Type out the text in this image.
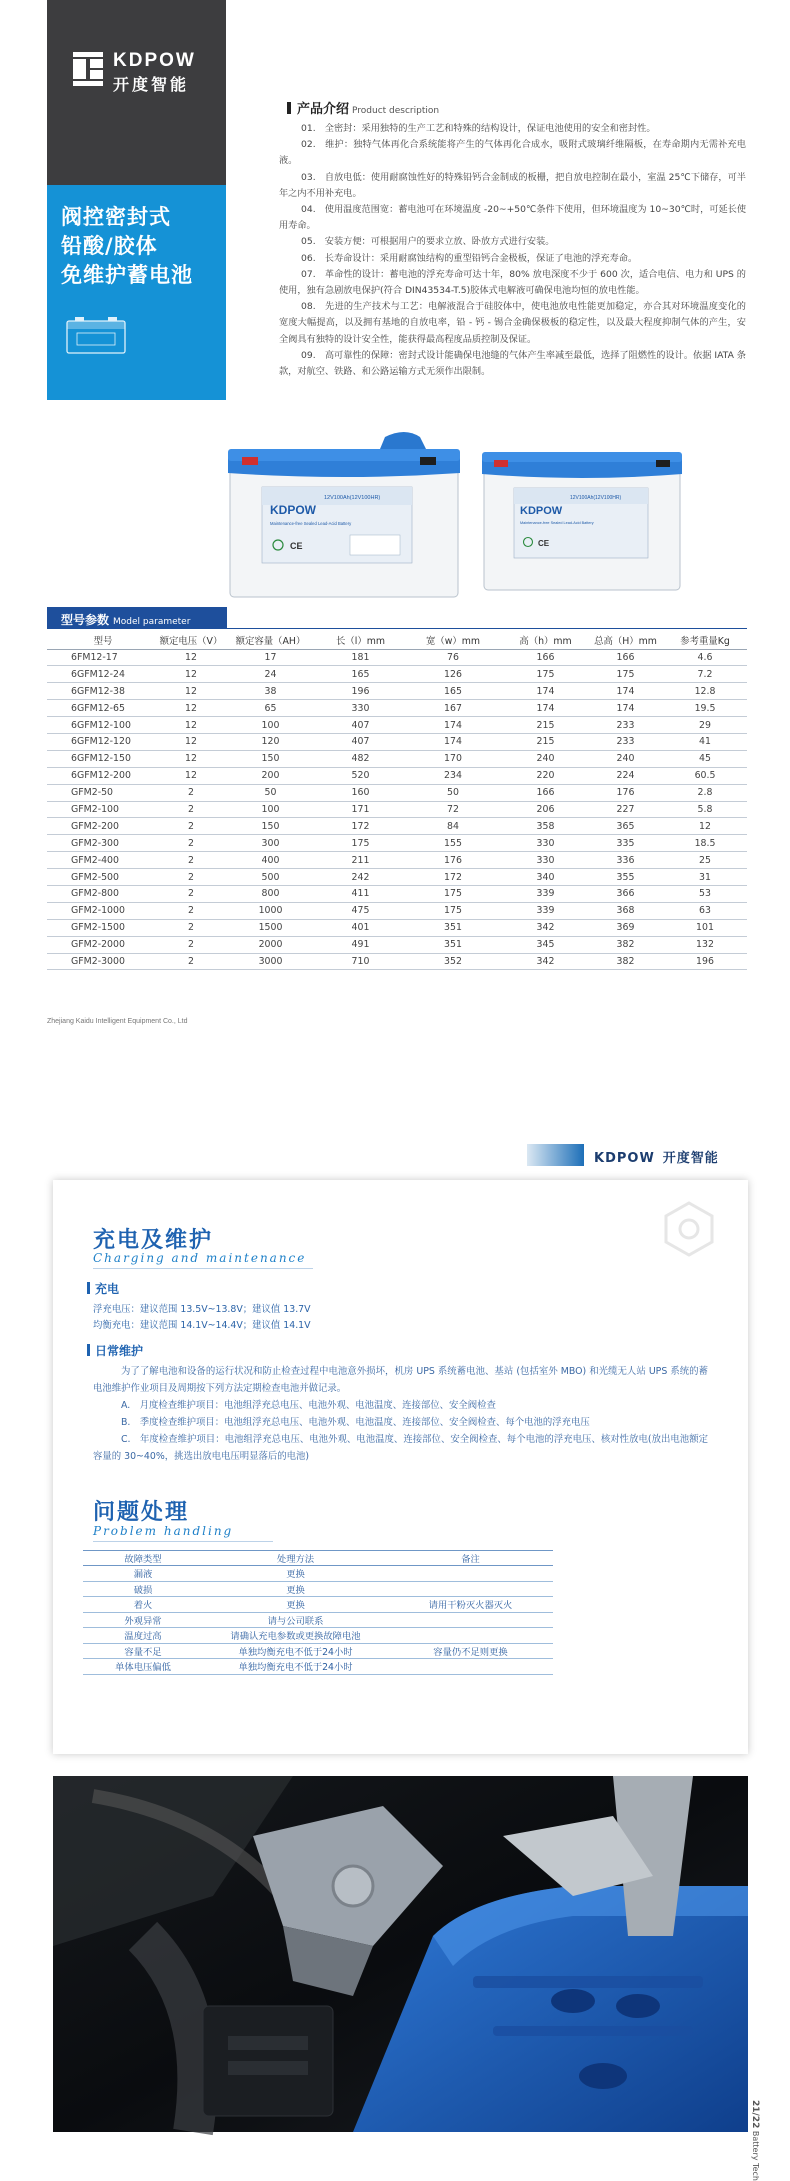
KDPOW
开度智能
阀控密封式
铅酸/胶体
免维护蓄电池
产品介绍 Product description

01.　全密封：采用独特的生产工艺和特殊的结构设计，保证电池使用的安全和密封性。

02.　维护：独特气体再化合系统能将产生的气体再化合成水，吸附式玻璃纤维隔板，在寿命期内无需补充电液。

03.　自放电低：使用耐腐蚀性好的特殊铅钙合金制成的板栅，把自放电控制在最小，室温 25℃下储存，可半年之内不用补充电。

04.　使用温度范围宽：蓄电池可在环境温度 -20~+50℃条件下使用，但环境温度为 10~30℃时，可延长使用寿命。

05.　安装方便：可根据用户的要求立放、卧放方式进行安装。

06.　长寿命设计：采用耐腐蚀结构的重型铅钙合金极板，保证了电池的浮充寿命。

07.　革命性的设计：蓄电池的浮充寿命可达十年，80% 放电深度不少于 600 次，适合电信、电力和 UPS 的使用，独有急剧放电保护(符合 DIN43534-T.5)胶体式电解液可确保电池均恒的放电性能。

08.　先进的生产技术与工艺：电解液混合于硅胶体中，使电池放电性能更加稳定，亦合其对环境温度变化的宽度大幅提高，以及拥有基地的自放电率，铅 - 钙 - 锡合金确保极板的稳定性，以及最大程度抑制气体的产生，安全阀具有独特的设计安全性，能获得最高程度品质控制及保证。

09.　高可靠性的保障：密封式设计能确保电池缝的气体产生率减至最低，选择了阻燃性的设计。依据 IATA 条款，对航空、铁路、和公路运输方式无须作出限制。

KDPOW
12V100Ah(12V100HR)
Maintenance-free Sealed Lead-Acid Battery
CE
KDPOW
12V100Ah(12V100HR)
Maintenance-free Sealed Lead-Acid Battery
CE
型号参数 Model parameter
型号	额定电压（V）	额定容量（AH）	长（l）mm	宽（w）mm	高（h）mm	总高（H）mm	参考重量Kg
6FM12-17	12	17	181	76	166	166	4.6
6GFM12-24	12	24	165	126	175	175	7.2
6GFM12-38	12	38	196	165	174	174	12.8
6GFM12-65	12	65	330	167	174	174	19.5
6GFM12-100	12	100	407	174	215	233	29
6GFM12-120	12	120	407	174	215	233	41
6GFM12-150	12	150	482	170	240	240	45
6GFM12-200	12	200	520	234	220	224	60.5
GFM2-50	2	50	160	50	166	176	2.8
GFM2-100	2	100	171	72	206	227	5.8
GFM2-200	2	150	172	84	358	365	12
GFM2-300	2	300	175	155	330	335	18.5
GFM2-400	2	400	211	176	330	336	25
GFM2-500	2	500	242	172	340	355	31
GFM2-800	2	800	411	175	339	366	53
GFM2-1000	2	1000	475	175	339	368	63
GFM2-1500	2	1500	401	351	342	369	101
GFM2-2000	2	2000	491	351	345	382	132
GFM2-3000	2	3000	710	352	342	382	196
Zhejiang Kaidu Intelligent Equipment Co., Ltd
KDPOW 开度智能
充电及维护
Charging and maintenance
充电
浮充电压：建议范围 13.5V~13.8V；建议值 13.7V
均衡充电：建议范围 14.1V~14.4V；建议值 14.1V
日常维护
为了了解电池和设备的运行状况和防止检查过程中电池意外损坏，机房 UPS 系统蓄电池、基站 (包括室外 MBO) 和光缆无人站 UPS 系统的蓄电池维护作业项目及周期按下列方法定期检查电池并做记录。
A.　月度检查维护项目：电池组浮充总电压、电池外观、电池温度、连接部位、安全阀检查
B.　季度检查维护项目：电池组浮充总电压、电池外观、电池温度、连接部位、安全阀检查、每个电池的浮充电压
C.　年度检查维护项目：电池组浮充总电压、电池外观、电池温度、连接部位、安全阀检查、每个电池的浮充电压、核对性放电(放出电池额定容量的 30~40%，挑选出放电电压明显落后的电池)
问题处理
Problem handling
故障类型	处理方法	备注
漏液	更换	
破损	更换	
着火	更换	请用干粉灭火器灭火
外观异常	请与公司联系	
温度过高	请确认充电参数或更换故障电池	
容量不足	单独均衡充电不低于24小时	容量仍不足则更换
单体电压偏低	单独均衡充电不低于24小时	
21/22 Battery Tech
